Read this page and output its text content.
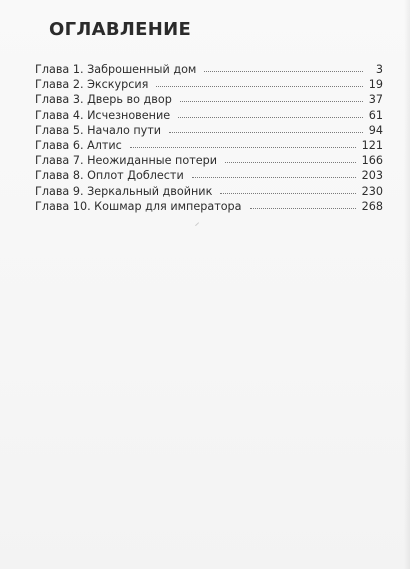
ОГЛАВЛЕНИЕ
Глава 1. Заброшенный дом	3
Глава 2. Экскурсия	19
Глава 3. Дверь во двор	37
Глава 4. Исчезновение	61
Глава 5. Начало пути	94
Глава 6. Алтис	121
Глава 7. Неожиданные потери	166
Глава 8. Оплот Доблести	203
Глава 9. Зеркальный двойник	230
Глава 10. Кошмар для императора	268
